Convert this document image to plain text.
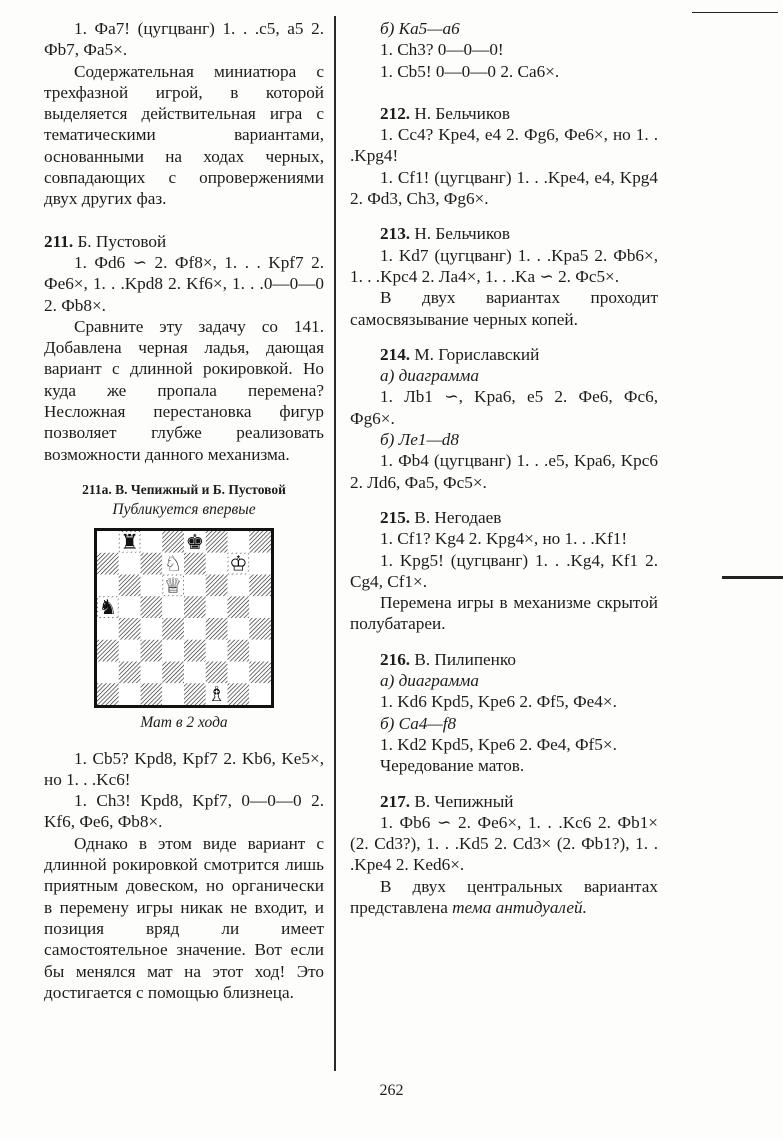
1. Фа7! (цугцванг) 1. . .c5, а5 2. Фb7, Фа5×.

Содержательная миниатюра с трехфазной игрой, в которой выделяется действительная игра с тематическими вариантами, основанными на ходах черных, совпадающих с опровержениями двух других фаз.

211. Б. Пустовой

1. Фd6 ∽ 2. Фf8×, 1. . . Kpf7 2. Фе6×, 1. . .Kpd8 2. Kf6×, 1. . .0—0—0 2. Фb8×.

Сравните эту задачу со 141. Добавлена черная ладья, дающая вариант с длинной рокировкой. Но куда же пропала перемена? Несложная перестановка фигур позволяет глубже реализовать возможности данного механизма.

211а. В. Чепижный и Б. Пустовой

Публикуется впервые

♜ ♚
♘ ♔
♕
♞
♗

Мат в 2 хода

1. Cb5? Kpd8, Kpf7 2. Kb6, Ke5×, но 1. . .Kc6!

1. Ch3! Kpd8, Kpf7, 0—0—0 2. Kf6, Фе6, Фb8×.

Однако в этом виде вариант с длинной рокировкой смотрится лишь приятным довеском, но органически в перемену игры никак не входит, и позиция вряд ли имеет самостоятельное значение. Вот если бы менялся мат на этот ход! Это достигается с помощью близнеца.

б) Ка5—а6

1. Ch3? 0—0—0!

1. Cb5! 0—0—0 2. Са6×.

212. Н. Бельчиков

1. Cc4? Kpe4, e4 2. Фg6, Фе6×, но 1. . .Kpg4!

1. Cf1! (цугцванг) 1. . .Kpe4, е4, Kpg4 2. Фd3, Ch3, Фg6×.

213. Н. Бельчиков

1. Kd7 (цугцванг) 1. . .Kpa5 2. Фb6×, 1. . .Kpc4 2. Ла4×, 1. . .Ka ∽ 2. Фc5×.

В двух вариантах проходит самосвязывание черных копей.

214. М. Гориславский

а) диаграмма

1. Лb1 ∽, Kpa6, e5 2. Фе6, Фс6, Фg6×.

б) Ле1—d8

1. Фb4 (цугцванг) 1. . .e5, Kpa6, Kpc6 2. Лd6, Фа5, Фс5×.

215. В. Негодаев

1. Cf1? Kg4 2. Kpg4×, но 1. . .Kf1!

1. Kpg5! (цугцванг) 1. . .Kg4, Kf1 2. Cg4, Cf1×.

Перемена игры в механизме скрытой полубатареи.

216. В. Пилипенко

а) диаграмма

1. Kd6 Kpd5, Kpe6 2. Фf5, Фе4×.

б) Са4—f8

1. Kd2 Kpd5, Kpe6 2. Фе4, Фf5×.

Чередование матов.

217. В. Чепижный

1. Фb6 ∽ 2. Фе6×, 1. . .Kc6 2. Фb1× (2. Cd3?), 1. . .Kd5 2. Cd3× (2. Фb1?), 1. . .Kpe4 2. Ked6×.

В двух центральных вариантах представлена тема антидуалей.

262
